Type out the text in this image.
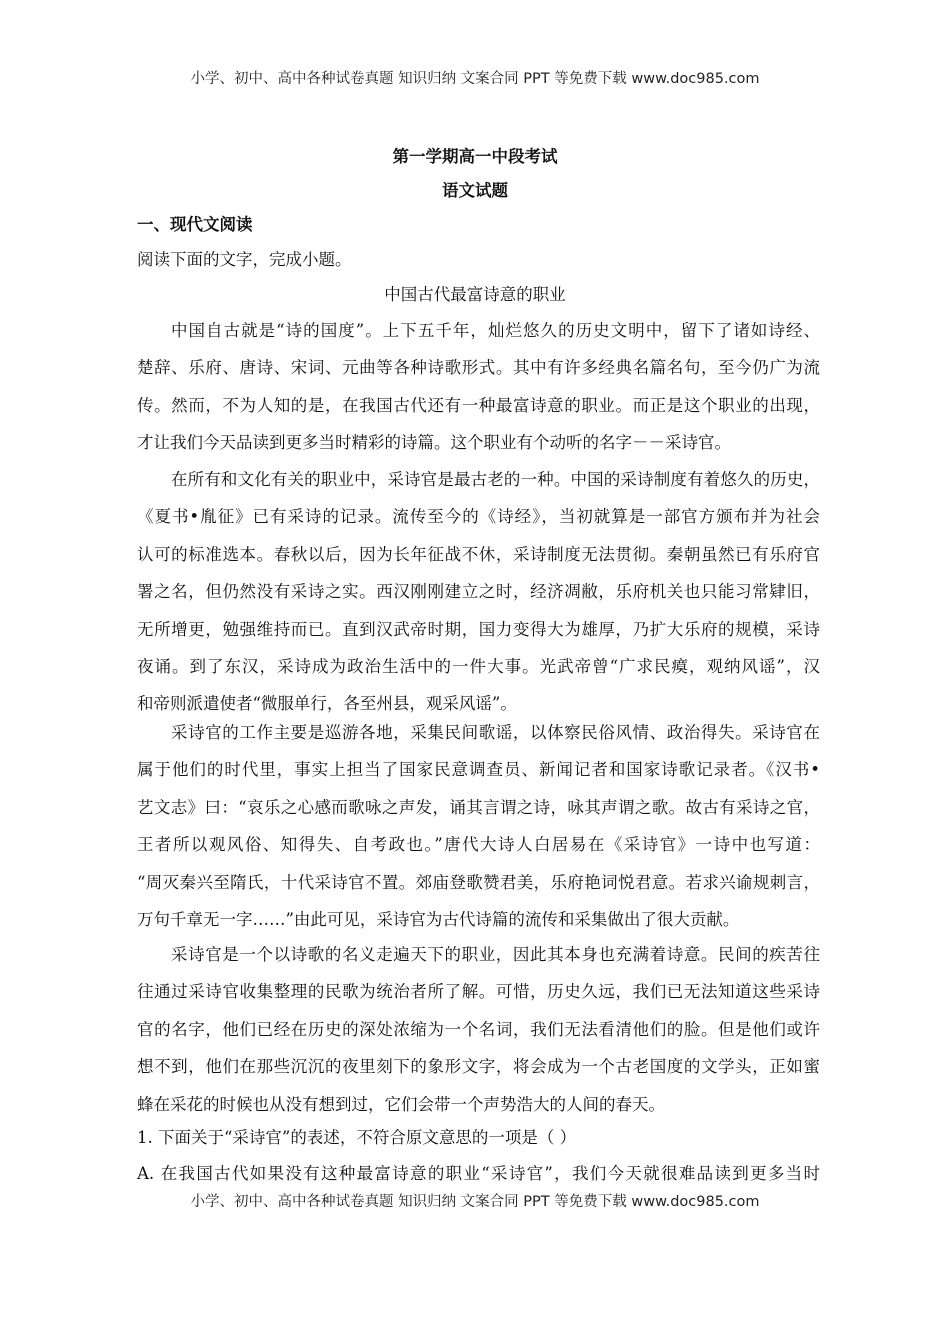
小学、初中、高中各种试卷真题 知识归纳 文案合同 PPT 等免费下载 www.doc985.com
第一学期高一中段考试
语文试题
一、现代文阅读
阅读下面的文字，完成小题。
中国古代最富诗意的职业
中国自古就是“诗的国度”。上下五千年，灿烂悠久的历史文明中，留下了诸如诗经、
楚辞、乐府、唐诗、宋词、元曲等各种诗歌形式。其中有许多经典名篇名句，至今仍广为流
传。然而，不为人知的是，在我国古代还有一种最富诗意的职业。而正是这个职业的出现，
才让我们今天品读到更多当时精彩的诗篇。这个职业有个动听的名字－－采诗官。
在所有和文化有关的职业中，采诗官是最古老的一种。中国的采诗制度有着悠久的历史，
《夏书•胤征》已有采诗的记录。流传至今的《诗经》，当初就算是一部官方颁布并为社会
认可的标准选本。春秋以后，因为长年征战不休，采诗制度无法贯彻。秦朝虽然已有乐府官
署之名，但仍然没有采诗之实。西汉刚刚建立之时，经济凋敝，乐府机关也只能习常肄旧，
无所增更，勉强维持而已。直到汉武帝时期，国力变得大为雄厚，乃扩大乐府的规模，采诗
夜诵。到了东汉，采诗成为政治生活中的一件大事。光武帝曾“广求民瘼，观纳风谣”，汉
和帝则派遣使者“微服单行，各至州县，观采风谣”。
采诗官的工作主要是巡游各地，采集民间歌谣，以体察民俗风情、政治得失。采诗官在
属于他们的时代里，事实上担当了国家民意调查员、新闻记者和国家诗歌记录者。《汉书•
艺文志》曰：“哀乐之心感而歌咏之声发，诵其言谓之诗，咏其声谓之歌。故古有采诗之官，
王者所以观风俗、知得失、自考政也。”唐代大诗人白居易在《采诗官》一诗中也写道：
“周灭秦兴至隋氏，十代采诗官不置。郊庙登歌赞君美，乐府艳词悦君意。若求兴谕规刺言，
万句千章无一字……”由此可见，采诗官为古代诗篇的流传和采集做出了很大贡献。
采诗官是一个以诗歌的名义走遍天下的职业，因此其本身也充满着诗意。民间的疾苦往
往通过采诗官收集整理的民歌为统治者所了解。可惜，历史久远，我们已无法知道这些采诗
官的名字，他们已经在历史的深处浓缩为一个名词，我们无法看清他们的脸。但是他们或许
想不到，他们在那些沉沉的夜里刻下的象形文字，将会成为一个古老国度的文学头，正如蜜
蜂在采花的时候也从没有想到过，它们会带一个声势浩大的人间的春天。
1. 下面关于“采诗官”的表述，不符合原文意思的一项是（ ）
A. 在我国古代如果没有这种最富诗意的职业“采诗官”，我们今天就很难品读到更多当时
小学、初中、高中各种试卷真题 知识归纳 文案合同 PPT 等免费下载 www.doc985.com
